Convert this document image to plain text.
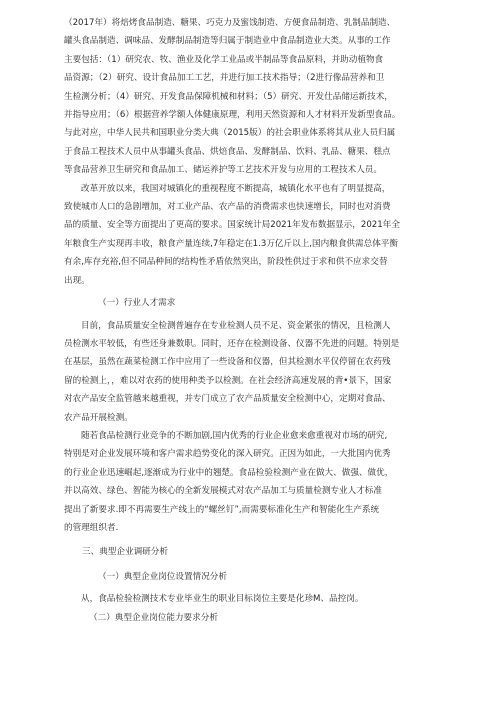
（2017年）将焙烤食品制造、糖果、巧克力及蜜饯制造、方便食品制造、乳制品制造、
罐头食品制造、调味品、发酵制品制造等归属于制造业中食品制造业大类。从事的工作
主要包括：（1）研究农、牧、渔业及化学工业品或半制品等食品原料，并助动植物食
品资源；（2）研究、设计食品加工工艺，并进行加工技术指导；（2进行像品营养和卫
生检测分析；（4）研究、开发食品保障机械和材料；（5）研究、开发仕品储运新技术，
并指导应用；（6）根据营养学额人体健康原理，利用天然资源和人才材料开发新型食品。
与此对应，中华人民共和国职业分类大典（2015版）的社会职业体系将其从业人员归属
于食品工程技术人员中从事罐头食品、烘焙食品、发酵制品、饮料、乳品、糖果、糕点
等食品营养卫生研究和食品加工、储运养护等工艺技术开发与应用的工程技术人员。

改革开放以来，我国对城镇化的重视程度不断提高，城镇化水平也有了明显提高，
致使城市人口的急剧增加，对工业产品、农产品的消费需求也快速增长，同时也对消费
品的质量、安全等方面提出了更高的要求。国家统计局2021年发布数据显示，2021年全
年粮食生产实现再丰收，粮食产量连续,7年稳定在1.3万亿斤以上,国内粮食供需总体平衡
有余,库存充裕,但不同品种间的结构性矛盾依然突出，阶段性供过于求和供不应求交替
出现。

（一）行业人才需求

目前，食品质量安全检测普遍存在专业检测人员不足、资金紧张的情况，且检测人
员检测水平较低，有些还身兼数职。同时，还存在检测设备、仪器不先进的问题。特别是
在基层，虽然在蔬菜检测工作中应用了一些设备和仪器，但其检测水平仅停留在农药残
留的检测上，，难以对农药的使用种类予以检测。在社会经济高速发展的背•景下，国家
对农产品安全监管越来越重视，并专门成立了农产品质量安全检测中心，定期对食品、
农产品开展检测。

随若食品检测行业竞争的不断加剧,国内优秀的行业企业愈来愈重视对市场的研究,
特别是对企业发展环境和客户需求趋势变化的深入研究。正因为如此，一大批国内优秀
的行业企业迅速崛起,逐渐成为行业中的翘楚。食品检验检测产业在做大、做强、做优，
并以高效、绿色、智能为核心的全新发展模式对农产品加工与质量检测专业人才标准
提出了新要求.即不再需要生产线上的“螺丝钉”,而需要标准化生产和智能化生产系统
的管理组织者.

三、典型企业调研分析

（一）典型企业岗位设置情况分析

从，食品检验检测技术专业毕业生的职业目标岗位主要是化珍M、品控岗。

（二）典型企业岗位能力要求分析
